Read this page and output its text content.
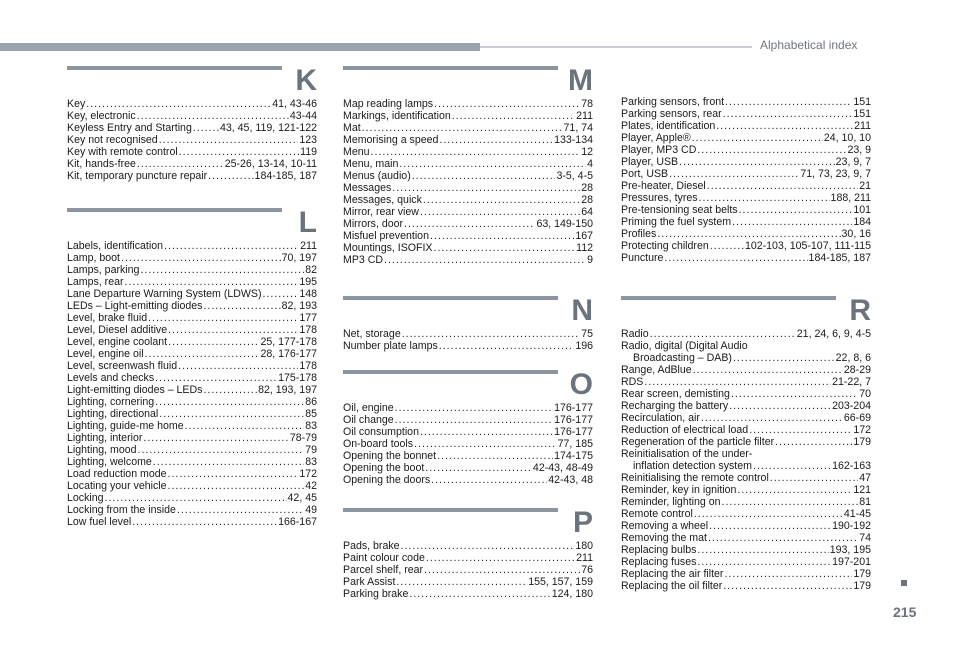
Alphabetical index
K
Key .....	41, 43-46
Key, electronic .....	43-44
Keyless Entry and Starting .....	43, 45, 119, 121-122
Key not recognised .....	123
Key with remote control .....	119
Kit, hands-free .....	25-26, 13-14, 10-11
Kit, temporary puncture repair .....	184-185, 187
L
Labels, identification .....	211
Lamp, boot .....	70, 197
Lamps, parking .....	82
Lamps, rear .....	195
Lane Departure Warning System (LDWS) .....	148
LEDs – Light-emitting diodes .....	82, 193
Level, brake fluid .....	177
Level, Diesel additive .....	178
Level, engine coolant .....	25, 177-178
Level, engine oil .....	28, 176-177
Level, screenwash fluid .....	178
Levels and checks .....	175-178
Light-emitting diodes – LEDs .....	82, 193, 197
Lighting, cornering .....	86
Lighting, directional .....	85
Lighting, guide-me home .....	83
Lighting, interior .....	78-79
Lighting, mood .....	79
Lighting, welcome .....	83
Load reduction mode .....	172
Locating your vehicle .....	42
Locking .....	42, 45
Locking from the inside .....	49
Low fuel level .....	166-167
M
Map reading lamps .....	78
Markings, identification .....	211
Mat .....	71, 74
Memorising a speed .....	133-134
Menu .....	12
Menu, main .....	4
Menus (audio) .....	3-5, 4-5
Messages .....	28
Messages, quick .....	28
Mirror, rear view .....	64
Mirrors, door .....	63, 149-150
Misfuel prevention .....	167
Mountings, ISOFIX .....	112
MP3 CD .....	9
N
Net, storage .....	75
Number plate lamps .....	196
O
Oil, engine .....	176-177
Oil change .....	176-177
Oil consumption .....	176-177
On-board tools .....	77, 185
Opening the bonnet .....	174-175
Opening the boot .....	42-43, 48-49
Opening the doors .....	42-43, 48
P
Pads, brake .....	180
Paint colour code .....	211
Parcel shelf, rear .....	76
Park Assist .....	155, 157, 159
Parking brake .....	124, 180
Parking sensors, front .....	151
Parking sensors, rear .....	151
Plates, identification .....	211
Player, Apple® .....	24, 10, 10
Player, MP3 CD .....	23, 9
Player, USB .....	23, 9, 7
Port, USB .....	71, 73, 23, 9, 7
Pre-heater, Diesel .....	21
Pressures, tyres .....	188, 211
Pre-tensioning seat belts .....	101
Priming the fuel system .....	184
Profiles .....	30, 16
Protecting children .....	102-103, 105-107, 111-115
Puncture .....	184-185, 187
R
Radio .....	21, 24, 6, 9, 4-5
Radio, digital (Digital Audio
Broadcasting – DAB) .....	22, 8, 6
Range, AdBlue .....	28-29
RDS .....	21-22, 7
Rear screen, demisting .....	70
Recharging the battery .....	203-204
Recirculation, air .....	66-69
Reduction of electrical load .....	172
Regeneration of the particle filter .....	179
Reinitialisation of the under-
inflation detection system .....	162-163
Reinitialising the remote control .....	47
Reminder, key in ignition .....	121
Reminder, lighting on .....	81
Remote control .....	41-45
Removing a wheel .....	190-192
Removing the mat .....	74
Replacing bulbs .....	193, 195
Replacing fuses .....	197-201
Replacing the air filter .....	179
Replacing the oil filter .....	179
215
